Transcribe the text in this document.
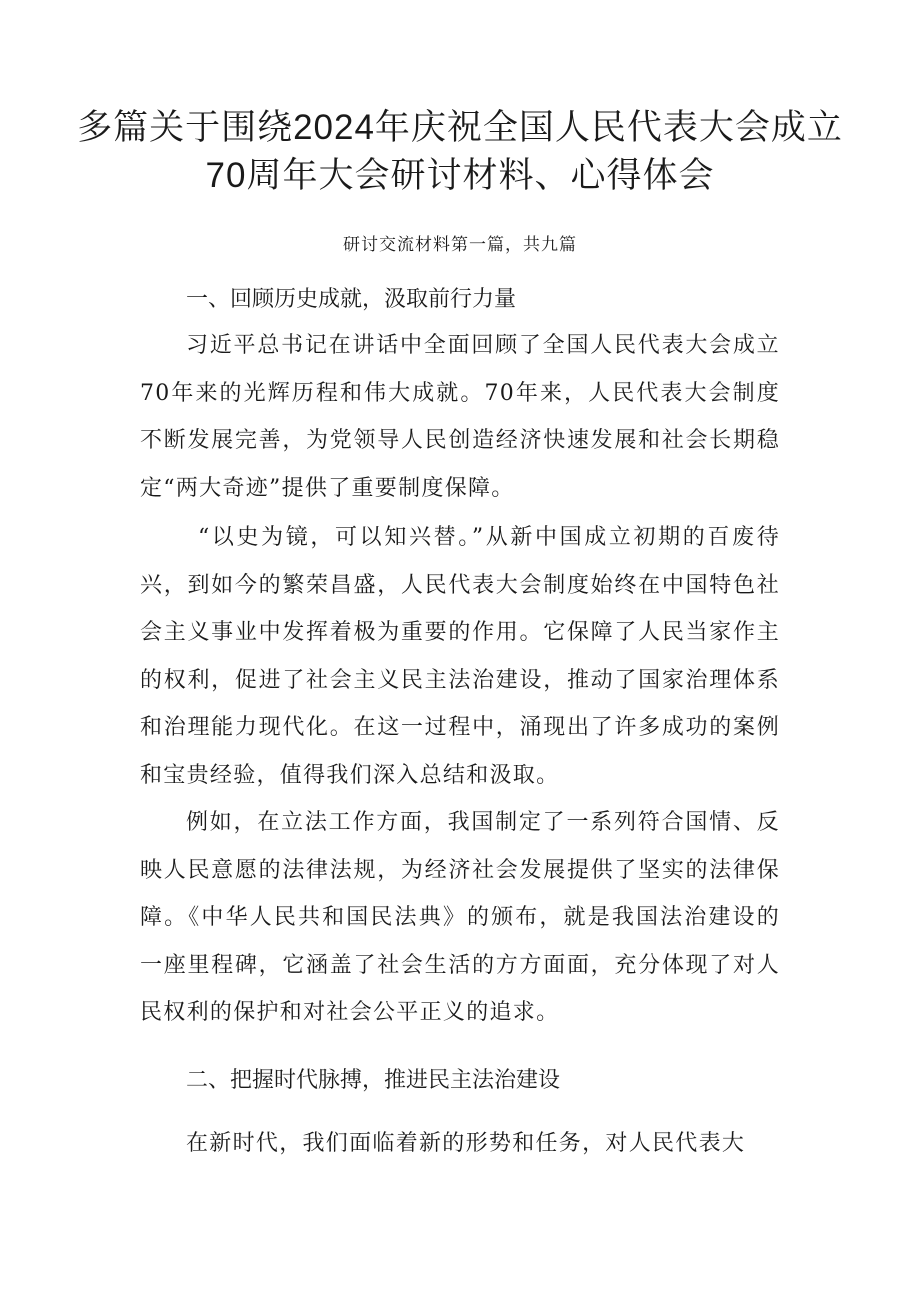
多篇关于围绕2024年庆祝全国人民代表大会成立70周年大会研讨材料、心得体会
研讨交流材料第一篇，共九篇
一、回顾历史成就，汲取前行力量

习近平总书记在讲话中全面回顾了全国人民代表大会成立70年来的光辉历程和伟大成就。70年来，人民代表大会制度不断发展完善，为党领导人民创造经济快速发展和社会长期稳定“两大奇迹”提供了重要制度保障。

“以史为镜，可以知兴替。”从新中国成立初期的百废待兴，到如今的繁荣昌盛，人民代表大会制度始终在中国特色社会主义事业中发挥着极为重要的作用。它保障了人民当家作主的权利，促进了社会主义民主法治建设，推动了国家治理体系和治理能力现代化。在这一过程中，涌现出了许多成功的案例和宝贵经验，值得我们深入总结和汲取。

例如，在立法工作方面，我国制定了一系列符合国情、反映人民意愿的法律法规，为经济社会发展提供了坚实的法律保障。《中华人民共和国民法典》的颁布，就是我国法治建设的一座里程碑，它涵盖了社会生活的方方面面，充分体现了对人民权利的保护和对社会公平正义的追求。

二、把握时代脉搏，推进民主法治建设

在新时代，我们面临着新的形势和任务，对人民代表大
